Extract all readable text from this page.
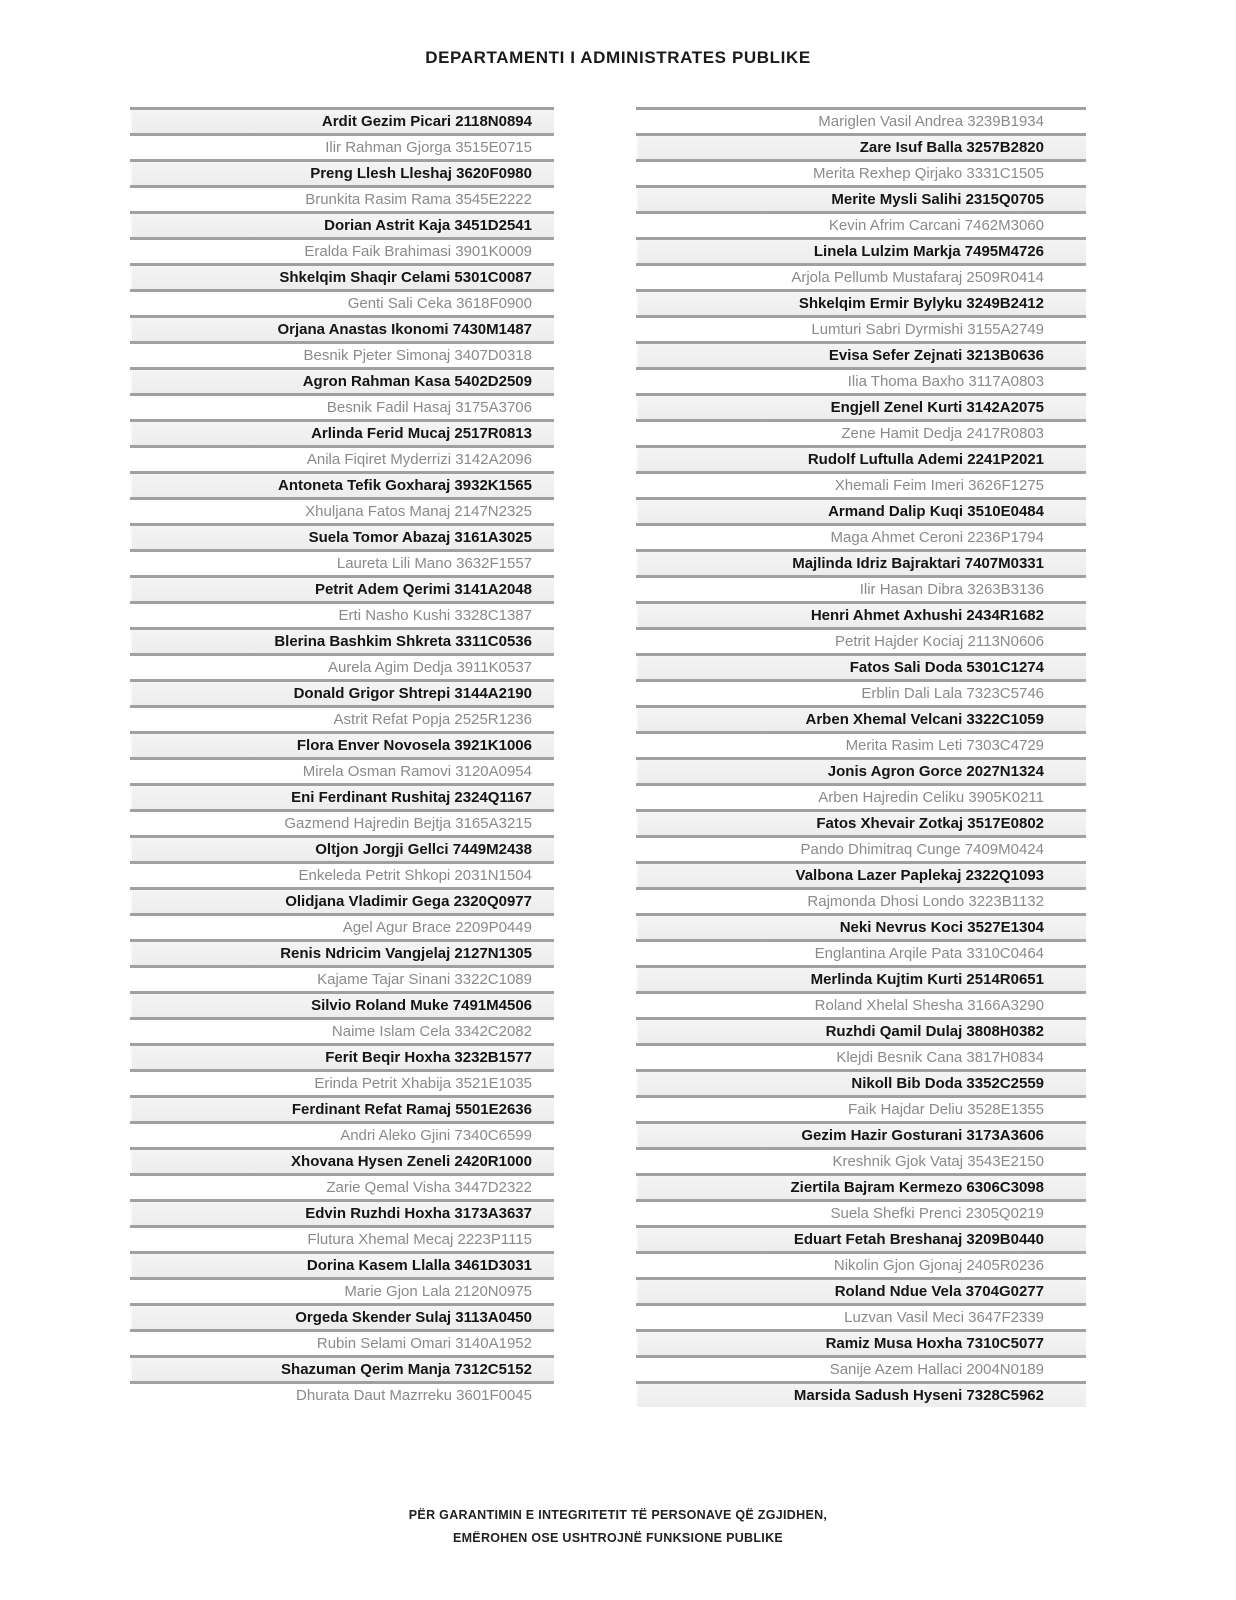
DEPARTAMENTI I ADMINISTRATES PUBLIKE
Ardit Gezim Picari 2118N0894
Ilir Rahman Gjorga 3515E0715
Preng Llesh Lleshaj 3620F0980
Brunkita Rasim Rama 3545E2222
Dorian Astrit Kaja 3451D2541
Eralda Faik Brahimasi 3901K0009
Shkelqim Shaqir Celami 5301C0087
Genti Sali Ceka 3618F0900
Orjana Anastas Ikonomi 7430M1487
Besnik Pjeter Simonaj 3407D0318
Agron Rahman Kasa 5402D2509
Besnik Fadil Hasaj 3175A3706
Arlinda Ferid Mucaj 2517R0813
Anila Fiqiret Myderrizi 3142A2096
Antoneta Tefik Goxharaj 3932K1565
Xhuljana Fatos Manaj 2147N2325
Suela Tomor Abazaj 3161A3025
Laureta Lili Mano 3632F1557
Petrit Adem Qerimi 3141A2048
Erti Nasho Kushi 3328C1387
Blerina Bashkim Shkreta 3311C0536
Aurela Agim Dedja 3911K0537
Donald Grigor Shtrepi 3144A2190
Astrit Refat Popja 2525R1236
Flora Enver Novosela 3921K1006
Mirela Osman Ramovi 3120A0954
Eni Ferdinant Rushitaj 2324Q1167
Gazmend Hajredin Bejtja 3165A3215
Oltjon Jorgji Gellci 7449M2438
Enkeleda Petrit Shkopi 2031N1504
Olidjana Vladimir Gega 2320Q0977
Agel Agur Brace 2209P0449
Renis Ndricim Vangjelaj 2127N1305
Kajame Tajar Sinani 3322C1089
Silvio Roland Muke 7491M4506
Naime Islam Cela 3342C2082
Ferit Beqir Hoxha 3232B1577
Erinda Petrit Xhabija 3521E1035
Ferdinant Refat Ramaj 5501E2636
Andri Aleko Gjini 7340C6599
Xhovana Hysen Zeneli 2420R1000
Zarie Qemal Visha 3447D2322
Edvin Ruzhdi Hoxha 3173A3637
Flutura Xhemal Mecaj 2223P1115
Dorina Kasem Llalla 3461D3031
Marie Gjon Lala 2120N0975
Orgeda Skender Sulaj 3113A0450
Rubin Selami Omari 3140A1952
Shazuman Qerim Manja 7312C5152
Dhurata Daut Mazrreku 3601F0045
Mariglen Vasil Andrea 3239B1934
Zare Isuf Balla 3257B2820
Merita Rexhep Qirjako 3331C1505
Merite Mysli Salihi 2315Q0705
Kevin Afrim Carcani 7462M3060
Linela Lulzim Markja 7495M4726
Arjola Pellumb Mustafaraj 2509R0414
Shkelqim Ermir Bylyku 3249B2412
Lumturi Sabri Dyrmishi 3155A2749
Evisa Sefer Zejnati 3213B0636
Ilia Thoma Baxho 3117A0803
Engjell Zenel Kurti 3142A2075
Zene Hamit Dedja 2417R0803
Rudolf Luftulla Ademi 2241P2021
Xhemali Feim Imeri 3626F1275
Armand Dalip Kuqi 3510E0484
Maga Ahmet Ceroni 2236P1794
Majlinda Idriz Bajraktari 7407M0331
Ilir Hasan Dibra 3263B3136
Henri Ahmet Axhushi 2434R1682
Petrit Hajder Kociaj 2113N0606
Fatos Sali Doda 5301C1274
Erblin Dali Lala 7323C5746
Arben Xhemal Velcani 3322C1059
Merita Rasim Leti 7303C4729
Jonis Agron Gorce 2027N1324
Arben Hajredin Celiku 3905K0211
Fatos Xhevair Zotkaj 3517E0802
Pando Dhimitraq Cunge 7409M0424
Valbona Lazer Paplekaj 2322Q1093
Rajmonda Dhosi Londo 3223B1132
Neki Nevrus Koci 3527E1304
Englantina Arqile Pata 3310C0464
Merlinda Kujtim Kurti 2514R0651
Roland Xhelal Shesha 3166A3290
Ruzhdi Qamil Dulaj 3808H0382
Klejdi Besnik Cana 3817H0834
Nikoll Bib Doda 3352C2559
Faik Hajdar Deliu 3528E1355
Gezim Hazir Gosturani 3173A3606
Kreshnik Gjok Vataj 3543E2150
Ziertila Bajram Kermezo 6306C3098
Suela Shefki Prenci 2305Q0219
Eduart Fetah Breshanaj 3209B0440
Nikolin Gjon Gjonaj 2405R0236
Roland Ndue Vela 3704G0277
Luzvan Vasil Meci 3647F2339
Ramiz Musa Hoxha 7310C5077
Sanije Azem Hallaci 2004N0189
Marsida Sadush Hyseni 7328C5962
PËR GARANTIMIN E INTEGRITETIT TË PERSONAVE QË ZGJIDHEN,
EMËROHEN OSE USHTROJNË FUNKSIONE PUBLIKE
